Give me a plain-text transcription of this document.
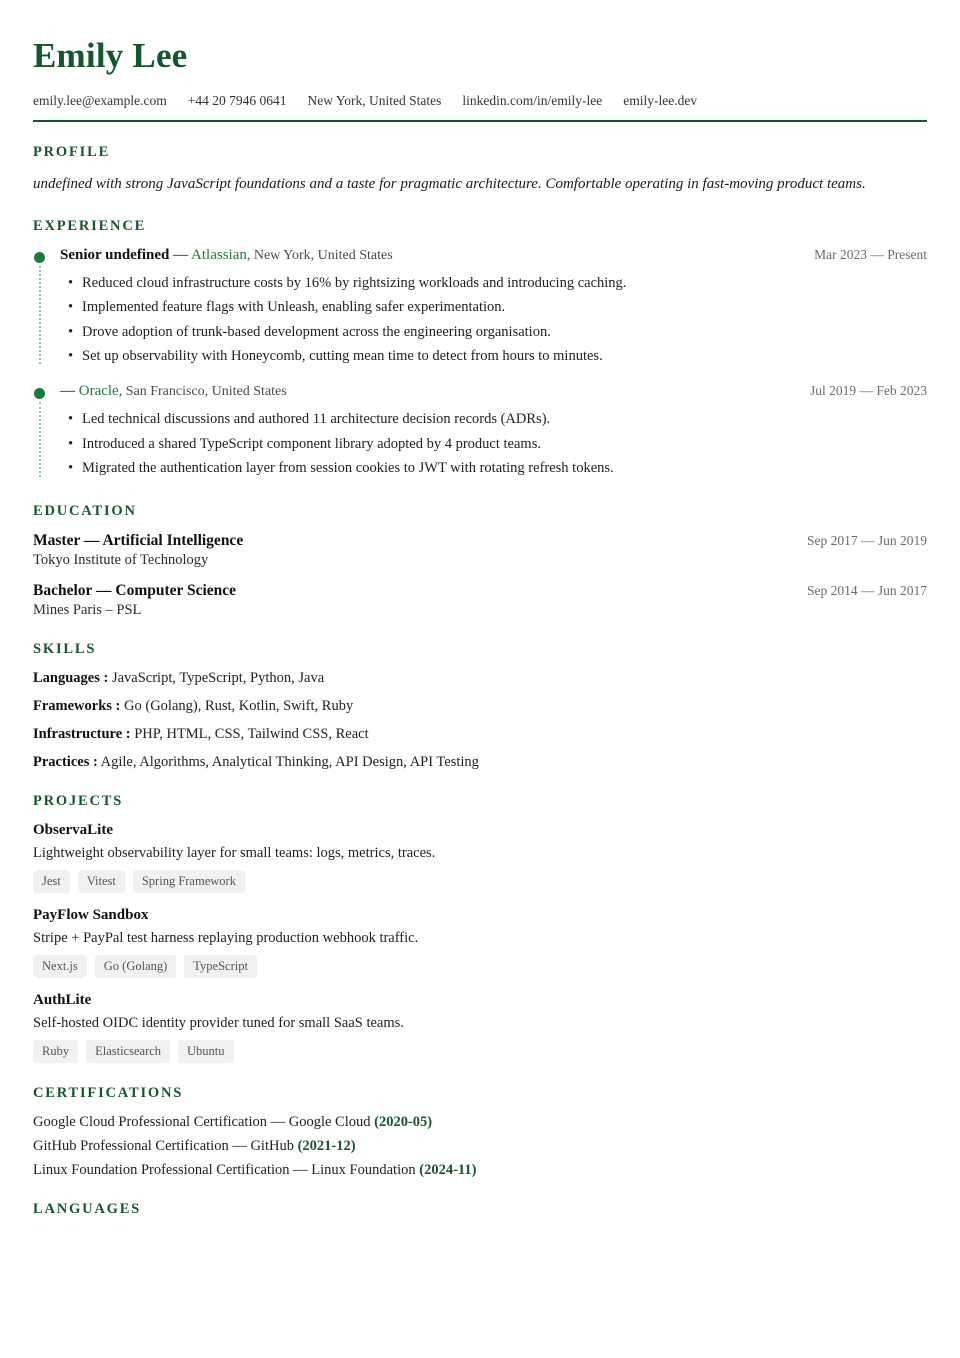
Emily Lee
emily.lee@example.com +44 20 7946 0641 New York, United States linkedin.com/in/emily-lee emily-lee.dev
PROFILE
undefined with strong JavaScript foundations and a taste for pragmatic architecture. Comfortable operating in fast-moving product teams.
EXPERIENCE
Senior undefined — Atlassian, New York, United States	Mar 2023 — Present
• Reduced cloud infrastructure costs by 16% by rightsizing workloads and introducing caching.
• Implemented feature flags with Unleash, enabling safer experimentation.
• Drove adoption of trunk-based development across the engineering organisation.
• Set up observability with Honeycomb, cutting mean time to detect from hours to minutes.
— Oracle, San Francisco, United States	Jul 2019 — Feb 2023
• Led technical discussions and authored 11 architecture decision records (ADRs).
• Introduced a shared TypeScript component library adopted by 4 product teams.
• Migrated the authentication layer from session cookies to JWT with rotating refresh tokens.
EDUCATION
Master — Artificial Intelligence	Sep 2017 — Jun 2019
Tokyo Institute of Technology
Bachelor — Computer Science	Sep 2014 — Jun 2017
Mines Paris – PSL
SKILLS
Languages : JavaScript, TypeScript, Python, Java
Frameworks : Go (Golang), Rust, Kotlin, Swift, Ruby
Infrastructure : PHP, HTML, CSS, Tailwind CSS, React
Practices : Agile, Algorithms, Analytical Thinking, API Design, API Testing
PROJECTS
ObservaLite
Lightweight observability layer for small teams: logs, metrics, traces.
Jest	Vitest	Spring Framework
PayFlow Sandbox
Stripe + PayPal test harness replaying production webhook traffic.
Next.js	Go (Golang)	TypeScript
AuthLite
Self-hosted OIDC identity provider tuned for small SaaS teams.
Ruby	Elasticsearch	Ubuntu
CERTIFICATIONS
Google Cloud Professional Certification — Google Cloud (2020-05)
GitHub Professional Certification — GitHub (2021-12)
Linux Foundation Professional Certification — Linux Foundation (2024-11)
LANGUAGES
